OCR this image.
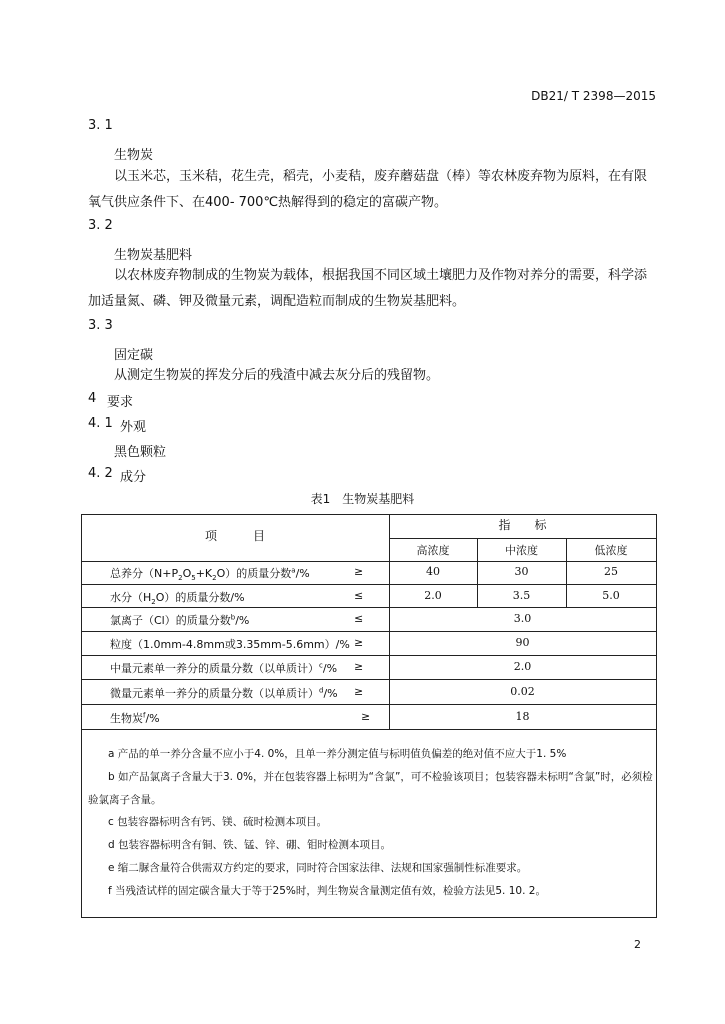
DB21/ T 2398—2015
3. 1
生物炭
以玉米芯，玉米秸，花生壳，稻壳，小麦秸，废弃蘑菇盘（棒）等农林废弃物为原料，在有限氧气供应条件下、在400- 700℃热解得到的稳定的富碳产物。
3. 2
生物炭基肥料
以农林废弃物制成的生物炭为载体，根据我国不同区域土壤肥力及作物对养分的需要，科学添加适量氮、磷、钾及微量元素，调配造粒而制成的生物炭基肥料。
3. 3
固定碳
从测定生物炭的挥发分后的残渣中减去灰分后的残留物。
4 要求
4. 1 外观
黑色颗粒
4. 2 成分
表1　生物炭基肥料
项　　　目
指　　标
高浓度	中浓度	低浓度
总养分$(N+P_2O_5+K_2O)$的质量分数$^a$/%	≥	40	30	25
水分$(H_2O)$的质量分数/%	≤	2.0	3.5	5.0
氯离子（Cl）的质量分数$^b$/%	≤	3.0
粒度（1.0mm-4.8mm或3.35mm-5.6mm）/% ≥	90
中量元素单一养分的质量分数（以单质计）$^c$/% ≥	2.0
微量元素单一养分的质量分数（以单质计）$^d$/% ≥	0.02
生物炭$^f$/%	≥	18
a 产品的单一养分含量不应小于4. 0%，且单一养分测定值与标明值负偏差的绝对值不应大于1. 5%
b 如产品氯离子含量大于3. 0%，并在包装容器上标明为“含氯”，可不检验该项目；包装容器未标明“含氯”时，必须检验氯离子含量。
c 包装容器标明含有钙、镁、硫时检测本项目。
d 包装容器标明含有铜、铁、锰、锌、硼、钼时检测本项目。
e 缩二脲含量符合供需双方约定的要求，同时符合国家法律、法规和国家强制性标准要求。
f 当残渣试样的固定碳含量大于等于25%时，判生物炭含量测定值有效，检验方法见5. 10. 2。
2
